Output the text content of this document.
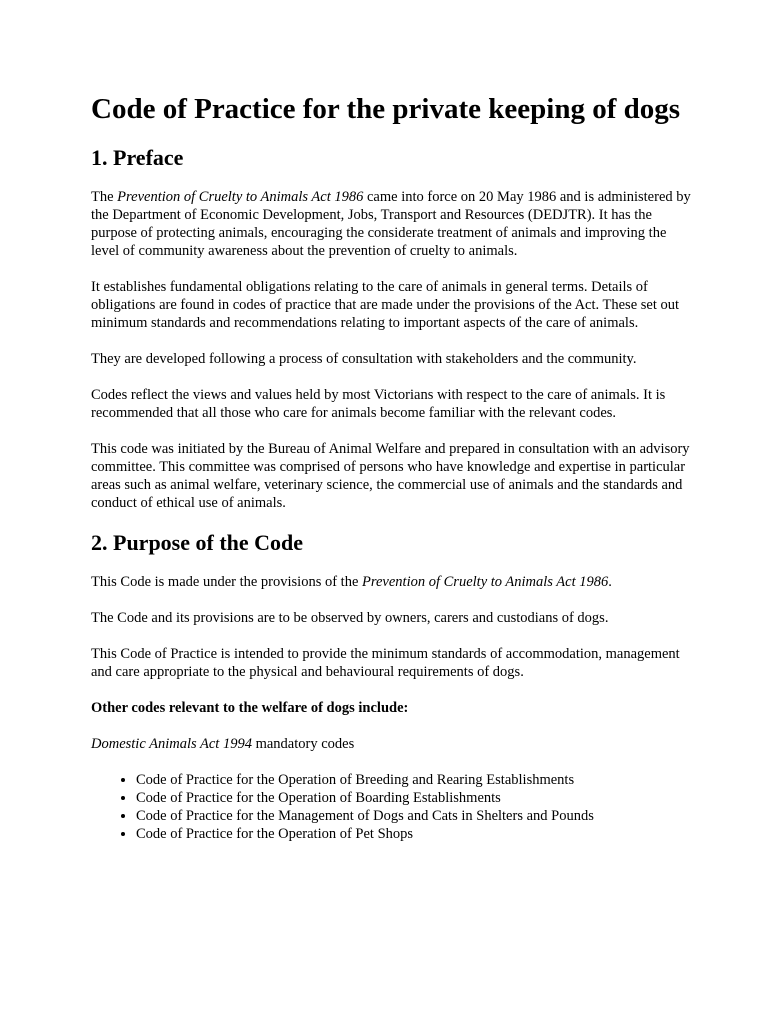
Code of Practice for the private keeping of dogs
1. Preface

The Prevention of Cruelty to Animals Act 1986 came into force on 20 May 1986 and is administered by the Department of Economic Development, Jobs, Transport and Resources (DEDJTR). It has the purpose of protecting animals, encouraging the considerate treatment of animals and improving the level of community awareness about the prevention of cruelty to animals.

It establishes fundamental obligations relating to the care of animals in general terms. Details of obligations are found in codes of practice that are made under the provisions of the Act. These set out minimum standards and recommendations relating to important aspects of the care of animals.

They are developed following a process of consultation with stakeholders and the community.

Codes reflect the views and values held by most Victorians with respect to the care of animals. It is recommended that all those who care for animals become familiar with the relevant codes.

This code was initiated by the Bureau of Animal Welfare and prepared in consultation with an advisory committee. This committee was comprised of persons who have knowledge and expertise in particular areas such as animal welfare, veterinary science, the commercial use of animals and the standards and conduct of ethical use of animals.

2. Purpose of the Code

This Code is made under the provisions of the Prevention of Cruelty to Animals Act 1986.

The Code and its provisions are to be observed by owners, carers and custodians of dogs.

This Code of Practice is intended to provide the minimum standards of accommodation, management and care appropriate to the physical and behavioural requirements of dogs.

Other codes relevant to the welfare of dogs include:

Domestic Animals Act 1994 mandatory codes

• Code of Practice for the Operation of Breeding and Rearing Establishments
• Code of Practice for the Operation of Boarding Establishments
• Code of Practice for the Management of Dogs and Cats in Shelters and Pounds
• Code of Practice for the Operation of Pet Shops
